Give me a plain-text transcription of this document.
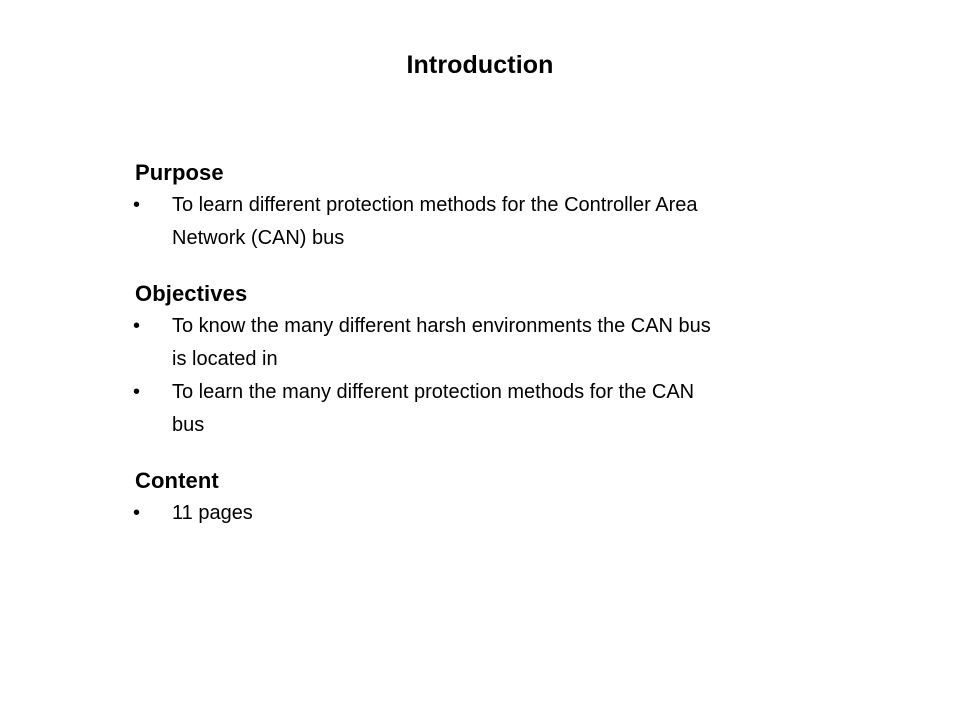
Introduction
Purpose
•	To learn different protection methods for the Controller Area
Network (CAN) bus
Objectives
•	To know the many different harsh environments the CAN bus
is located in
•	To learn the many different protection methods for the CAN
bus
Content
•	11 pages
